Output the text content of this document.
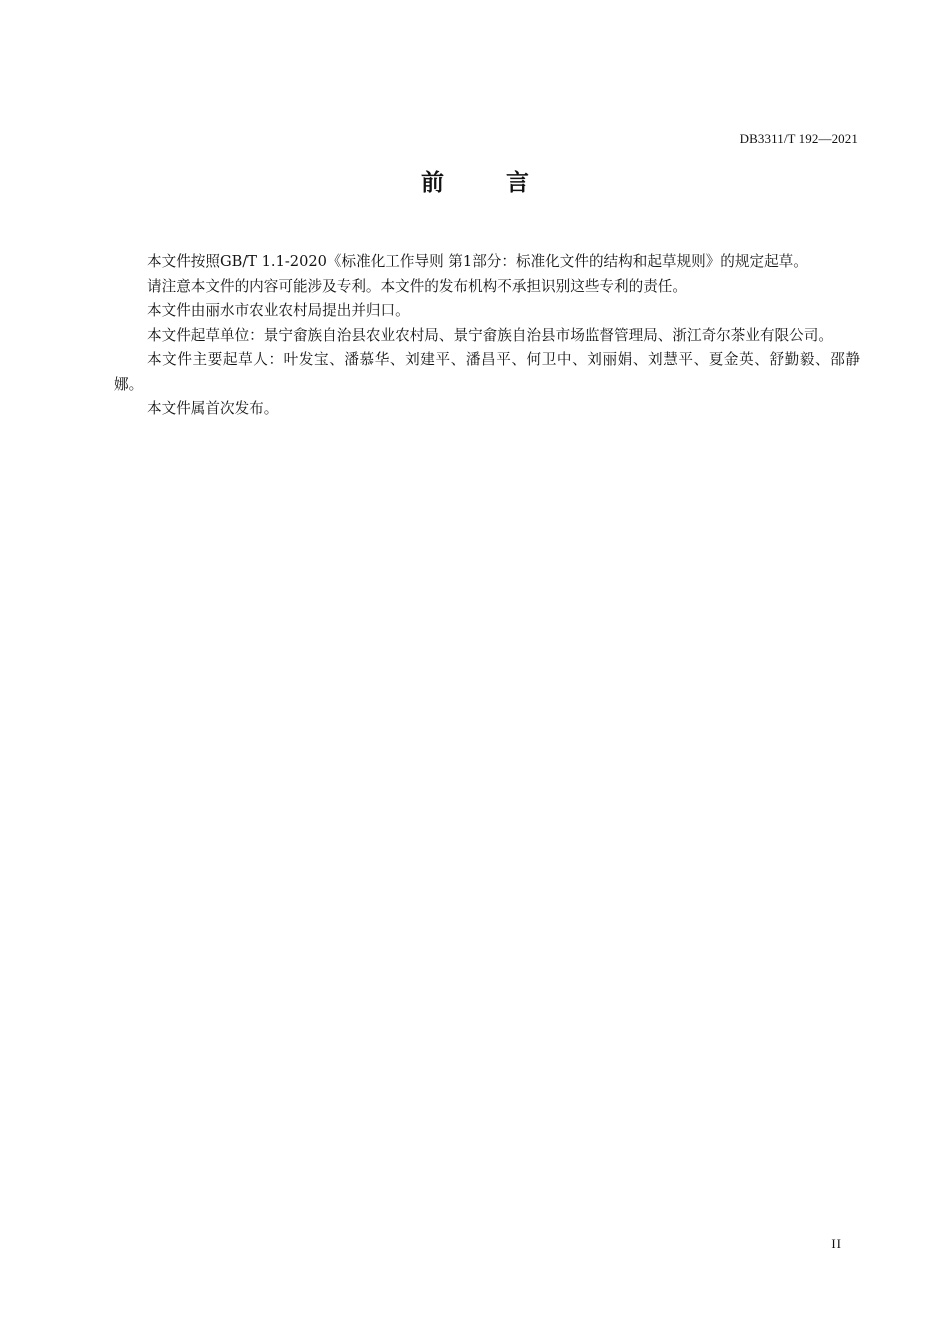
DB3311/T 192—2021
前言

本文件按照GB/T 1.1-2020《标准化工作导则 第1部分：标准化文件的结构和起草规则》的规定起草。

请注意本文件的内容可能涉及专利。本文件的发布机构不承担识别这些专利的责任。

本文件由丽水市农业农村局提出并归口。

本文件起草单位：景宁畲族自治县农业农村局、景宁畲族自治县市场监督管理局、浙江奇尔茶业有限公司。

本文件主要起草人：叶发宝、潘慕华、刘建平、潘昌平、何卫中、刘丽娟、刘慧平、夏金英、舒勤毅、邵静娜。

本文件属首次发布。

II
